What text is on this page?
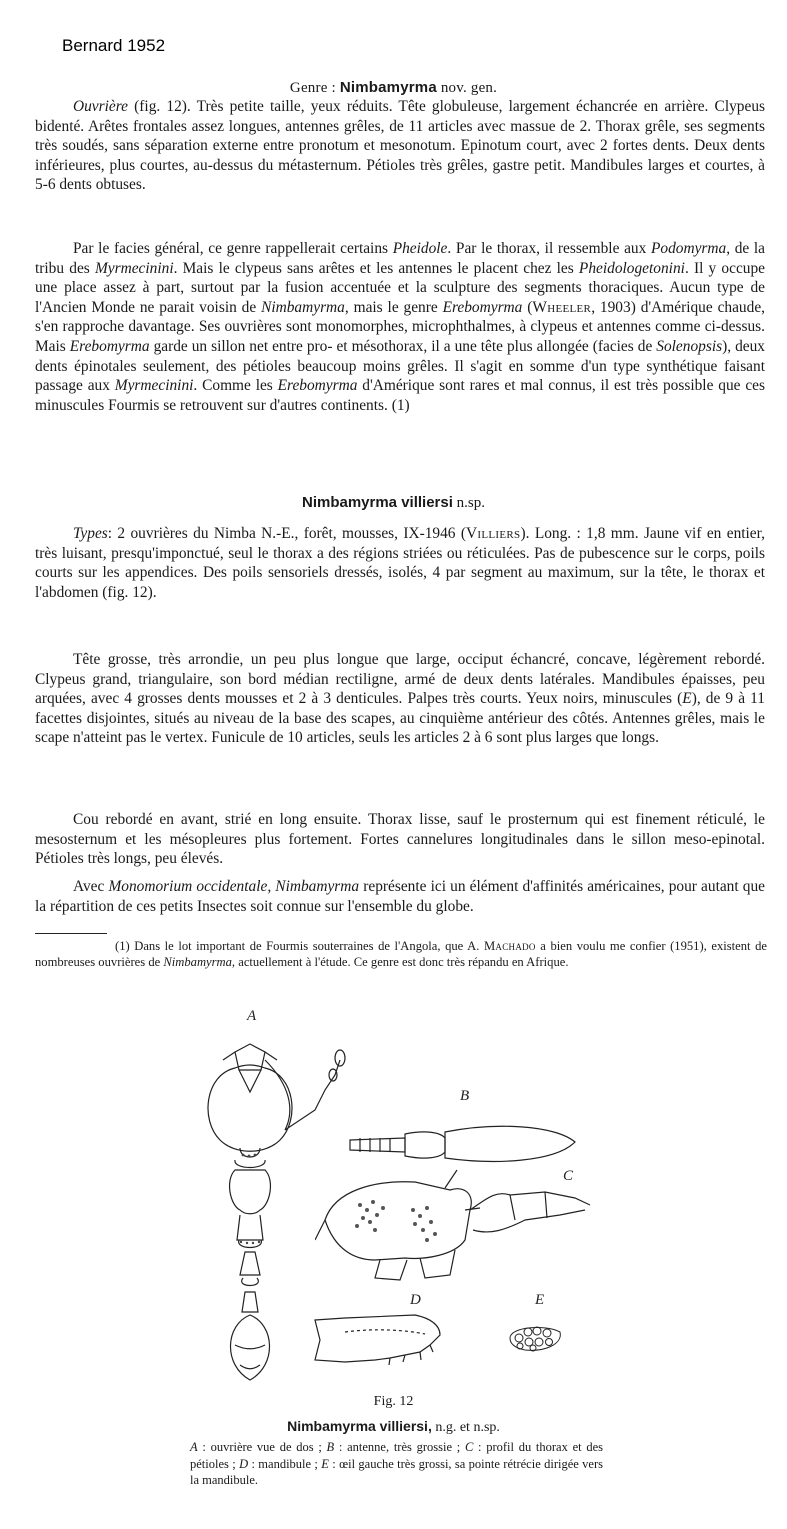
Bernard 1952
Genre : Nimbamyrma nov. gen.

Ouvrière (fig. 12). Très petite taille, yeux réduits. Tête globuleuse, largement échancrée en arrière. Clypeus bidenté. Arêtes frontales assez longues, antennes grêles, de 11 articles avec massue de 2. Thorax grêle, ses segments très soudés, sans séparation externe entre pronotum et mesonotum. Epinotum court, avec 2 fortes dents. Deux dents inférieures, plus courtes, au-dessus du métasternum. Pétioles très grêles, gastre petit. Mandibules larges et courtes, à 5-6 dents obtuses.

Par le facies général, ce genre rappellerait certains Pheidole. Par le thorax, il ressemble aux Podomyrma, de la tribu des Myrmecinini. Mais le clypeus sans arêtes et les antennes le placent chez les Pheidologetonini. Il y occupe une place assez à part, surtout par la fusion accentuée et la sculpture des segments thoraciques. Aucun type de l'Ancien Monde ne parait voisin de Nimbamyrma, mais le genre Erebomyrma (Wheeler, 1903) d'Amérique chaude, s'en rapproche davantage. Ses ouvrières sont monomorphes, microphthalmes, à clypeus et antennes comme ci-dessus. Mais Erebomyrma garde un sillon net entre pro- et mésothorax, il a une tête plus allongée (facies de Solenopsis), deux dents épinotales seulement, des pétioles beaucoup moins grêles. Il s'agit en somme d'un type synthétique faisant passage aux Myrmecinini. Comme les Erebomyrma d'Amérique sont rares et mal connus, il est très possible que ces minuscules Fourmis se retrouvent sur d'autres continents. (1)

Nimbamyrma villiersi n.sp.

Types: 2 ouvrières du Nimba N.-E., forêt, mousses, IX-1946 (Villiers). Long. : 1,8 mm. Jaune vif en entier, très luisant, presqu'imponctué, seul le thorax a des régions striées ou réticulées. Pas de pubescence sur le corps, poils courts sur les appendices. Des poils sensoriels dressés, isolés, 4 par segment au maximum, sur la tête, le thorax et l'abdomen (fig. 12).

Tête grosse, très arrondie, un peu plus longue que large, occiput échancré, concave, légèrement rebordé. Clypeus grand, triangulaire, son bord médian rectiligne, armé de deux dents latérales. Mandibules épaisses, peu arquées, avec 4 grosses dents mousses et 2 à 3 denticules. Palpes très courts. Yeux noirs, minuscules (E), de 9 à 11 facettes disjointes, situés au niveau de la base des scapes, au cinquième antérieur des côtés. Antennes grêles, mais le scape n'atteint pas le vertex. Funicule de 10 articles, seuls les articles 2 à 6 sont plus larges que longs.

Cou rebordé en avant, strié en long ensuite. Thorax lisse, sauf le prosternum qui est finement réticulé, le mesosternum et les mésopleures plus fortement. Fortes cannelures longitudinales dans le sillon meso-epinotal. Pétioles très longs, peu élevés.

Avec Monomorium occidentale, Nimbamyrma représente ici un élément d'affinités américaines, pour autant que la répartition de ces petits Insectes soit connue sur l'ensemble du globe.

(1) Dans le lot important de Fourmis souterraines de l'Angola, que A. Machado a bien voulu me confier (1951), existent de nombreuses ouvrières de Nimbamyrma, actuellement à l'étude. Ce genre est donc très répandu en Afrique.
A
B
C
D	E
Fig. 12
Nimbamyrma villiersi, n.g. et n.sp.
A : ouvrière vue de dos ; B : antenne, très grossie ; C : profil du thorax et des pétioles ; D : mandibule ; E : œil gauche très grossi, sa pointe rétrécie dirigée vers la mandibule.
